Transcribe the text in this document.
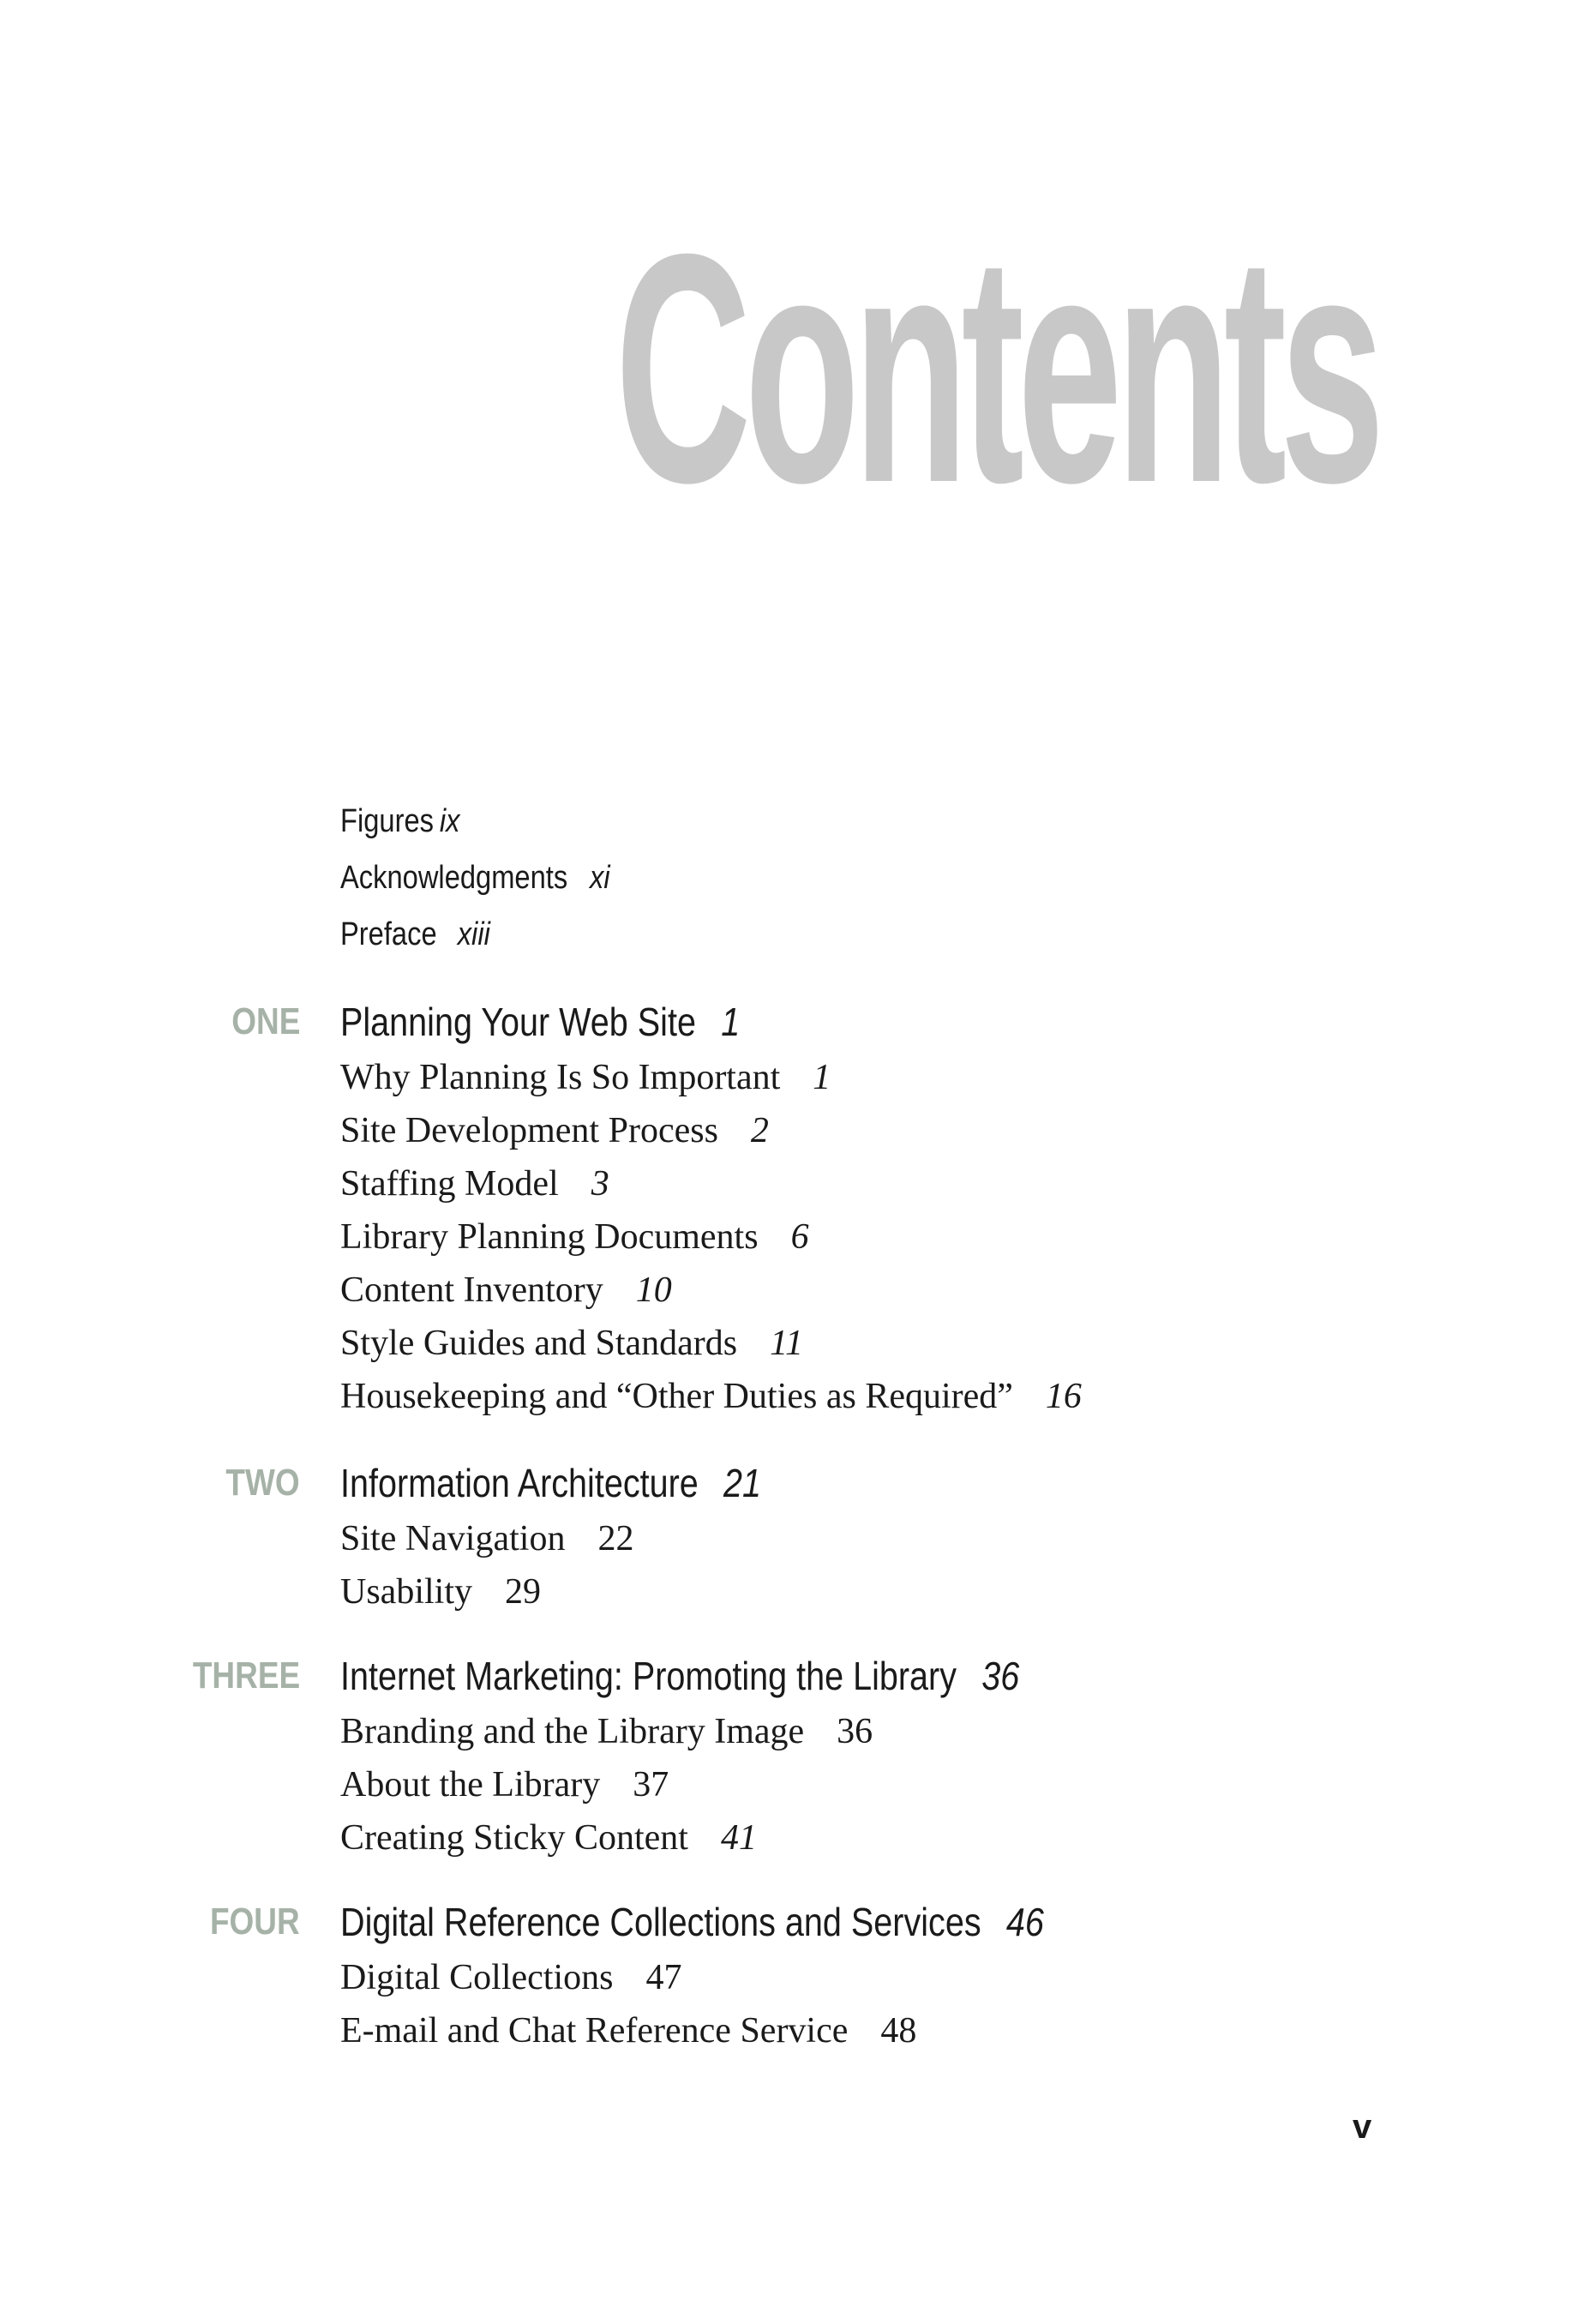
Contents
Figures ix
Acknowledgments xi
Preface xiii
ONE Planning Your Web Site 1
Why Planning Is So Important 1
Site Development Process 2
Staffing Model 3
Library Planning Documents 6
Content Inventory 10
Style Guides and Standards 11
Housekeeping and “Other Duties as Required” 16
TWO Information Architecture 21
Site Navigation 22
Usability 29
THREE Internet Marketing: Promoting the Library 36
Branding and the Library Image 36
About the Library 37
Creating Sticky Content 41
FOUR Digital Reference Collections and Services 46
Digital Collections 47
E-mail and Chat Reference Service 48
v
